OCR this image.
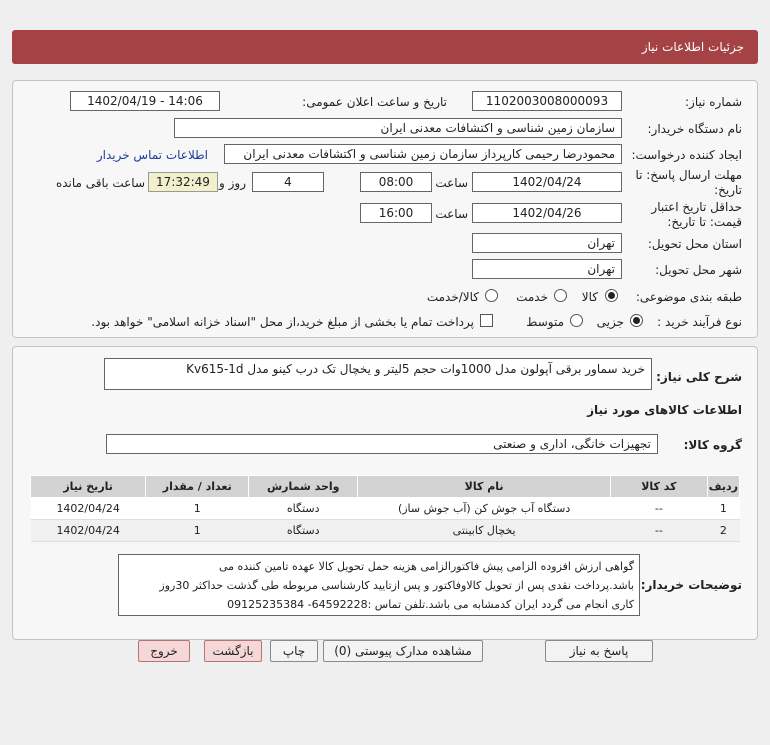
جزئیات اطلاعات نیاز
شماره نیاز:
1102003008000093
تاریخ و ساعت اعلان عمومی:
1402/04/19 - 14:06
نام دستگاه خریدار:
سازمان زمین شناسی و اکتشافات معدنی ایران
ایجاد کننده درخواست:
محمودرضا رحیمی کارپرداز سازمان زمین شناسی و اکتشافات معدنی ایران
اطلاعات تماس خریدار
مهلت ارسال پاسخ: تا
تاریخ:
1402/04/24
ساعت
08:00
4
روز و
17:32:49
ساعت باقی مانده
حداقل تاریخ اعتبار
قیمت: تا تاریخ:
1402/04/26
ساعت
16:00
استان محل تحویل:
تهران
شهر محل تحویل:
تهران
طبقه بندی موضوعی:
کالا
خدمت
کالا/خدمت
نوع فرآیند خرید :
جزیی
متوسط
پرداخت تمام یا بخشی از مبلغ خرید،از محل "اسناد خزانه اسلامی" خواهد بود.
شرح کلی نیاز:
خرید سماور برقی آپولون مدل 1000وات حجم 5لیتر و یخچال تک درب کینو مدل Kv615-1d
اطلاعات کالاهای مورد نیاز
گروه کالا:
تجهیزات خانگی، اداری و صنعتی
ردیف	کد کالا	نام کالا	واحد شمارش	تعداد / مقدار	تاریخ نیاز
1	--	دستگاه آب جوش کن (آب جوش ساز)	دستگاه	1	1402/04/24
2	--	یخچال کابینتی	دستگاه	1	1402/04/24
توضیحات خریدار:
گواهی ارزش افزوده الزامی پیش فاکتورالزامی هزینه حمل تحویل کالا عهده تامین کننده می
باشد.پرداخت نقدی پس از تحویل کالاوفاکتور و پس ازتایید کارشناسی مربوطه طی گذشت حداکثر 30روز
کاری انجام می گردد ایران کدمشابه می باشد.تلفن تماس :64592228- 09125235384
پاسخ به نیاز
مشاهده مدارک پیوستی (0)
چاپ
بازگشت
خروج
